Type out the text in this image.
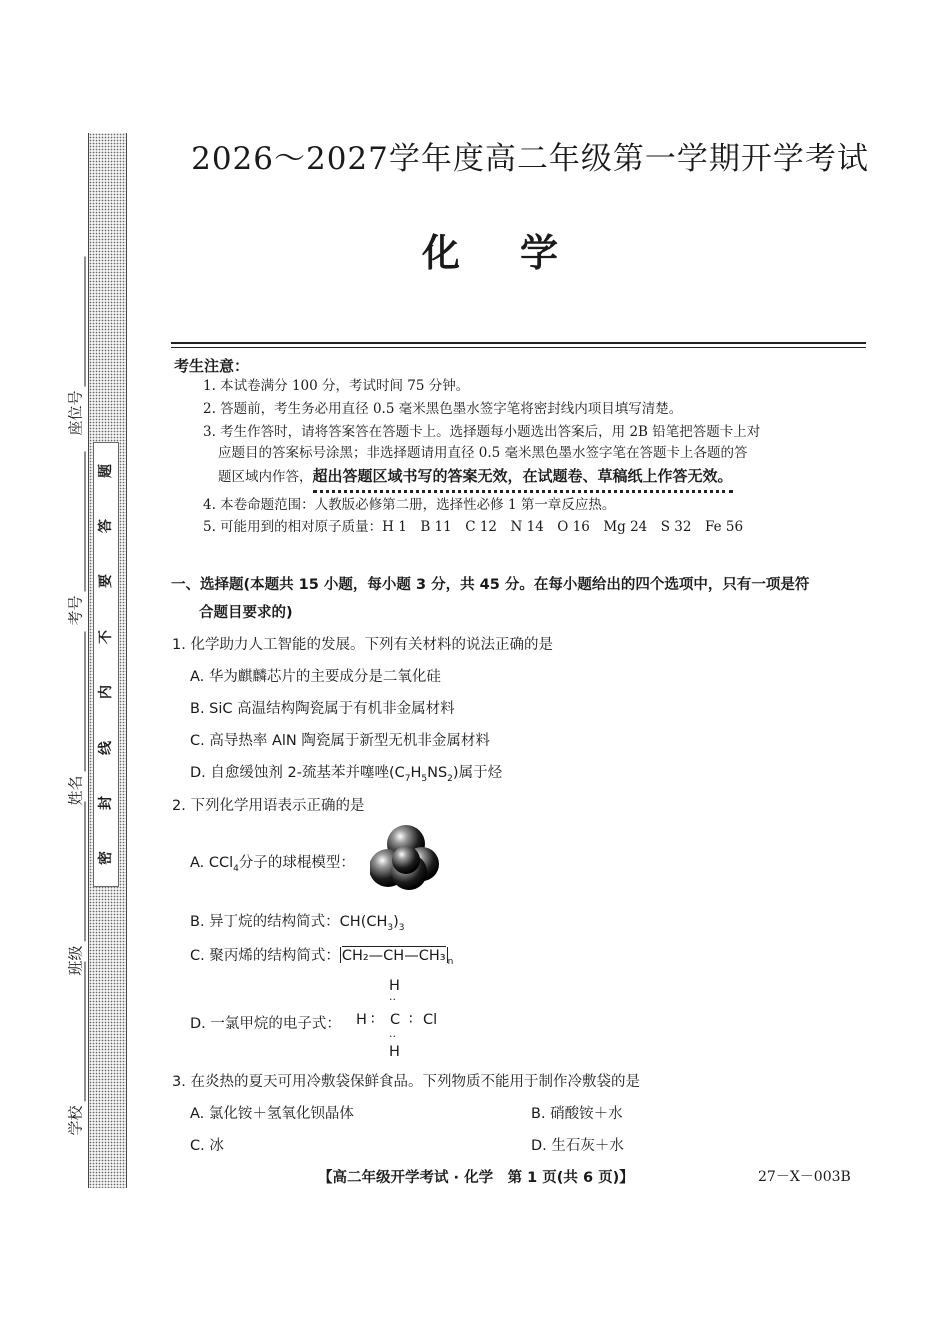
密
封
线
内
不
要
答
题
座位号
考号
姓名
班级
学校
2026～2027学年度高二年级第一学期开学考试
化学
考生注意：
1. 本试卷满分 100 分，考试时间 75 分钟。
2. 答题前，考生务必用直径 0.5 毫米黑色墨水签字笔将密封线内项目填写清楚。
3. 考生作答时，请将答案答在答题卡上。选择题每小题选出答案后，用 2B 铅笔把答题卡上对
应题目的答案标号涂黑；非选择题请用直径 0.5 毫米黑色墨水签字笔在答题卡上各题的答
题区域内作答，超出答题区域书写的答案无效，在试题卷、草稿纸上作答无效。
4. 本卷命题范围：人教版必修第二册，选择性必修 1 第一章反应热。
5. 可能用到的相对原子质量：H 1　B 11　C 12　N 14　O 16　Mg 24　S 32　Fe 56
一、选择题(本题共 15 小题，每小题 3 分，共 45 分。在每小题给出的四个选项中，只有一项是符
合题目要求的)
1. 化学助力人工智能的发展。下列有关材料的说法正确的是
A. 华为麒麟芯片的主要成分是二氧化硅
B. SiC 高温结构陶瓷属于有机非金属材料
C. 高导热率 AlN 陶瓷属于新型无机非金属材料
D. 自愈缓蚀剂 2-巯基苯并噻唑$(C_7H_5NS_2)$属于烃
2. 下列化学用语表示正确的是
A. CCl$_4$分子的球棍模型：
B. 异丁烷的结构简式：$CH(CH_3)_3$
C. 聚丙烯的结构简式： CH₂—CH—CH₃ $_n$
D. 一氯甲烷的电子式：
H
··
H ∶ C ∶ Cl
··
H
3. 在炎热的夏天可用冷敷袋保鲜食品。下列物质不能用于制作冷敷袋的是
A. 氯化铵＋氢氧化钡晶体	B. 硝酸铵＋水
C. 冰	D. 生石灰＋水
【高二年级开学考试 · 化学　第 1 页(共 6 页)】	27－X－003B
